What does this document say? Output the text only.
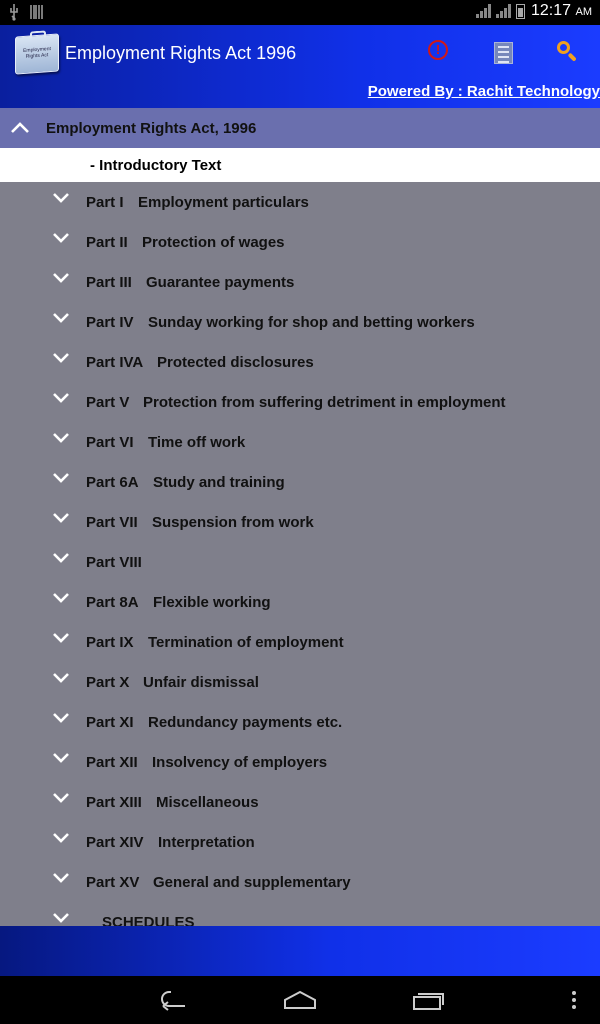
12:17 AM
Employment Rights Act Employment Rights Act 1996
!
Powered By : Rachit Technology
Employment Rights Act, 1996
- Introductory Text
Part I Employment particulars
Part II Protection of wages
Part III Guarantee payments
Part IV Sunday working for shop and betting workers
Part IVA Protected disclosures
Part V Protection from suffering detriment in employment
Part VI Time off work
Part 6A Study and training
Part VII Suspension from work
Part VIII
Part 8A Flexible working
Part IX Termination of employment
Part X Unfair dismissal
Part XI Redundancy payments etc.
Part XII Insolvency of employers
Part XIII Miscellaneous
Part XIV Interpretation
Part XV General and supplementary
SCHEDULES
